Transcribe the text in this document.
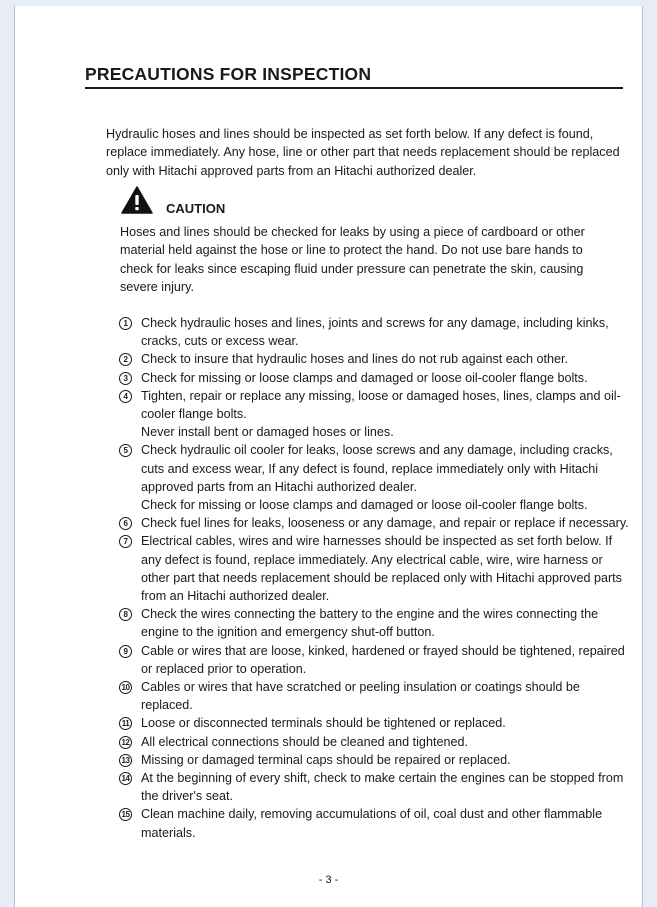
PRECAUTIONS FOR INSPECTION

Hydraulic hoses and lines should be inspected as set forth below. If any defect is found, replace immediately. Any hose, line or other part that needs replacement should be replaced only with Hitachi approved parts from an Hitachi authorized dealer.

CAUTION

Hoses and lines should be checked for leaks by using a piece of cardboard or other material held against the hose or line to protect the hand. Do not use bare hands to check for leaks since escaping fluid under pressure can penetrate the skin, causing severe injury.

1	Check hydraulic hoses and lines, joints and screws for any damage, including kinks, cracks, cuts or excess wear.
2	Check to insure that hydraulic hoses and lines do not rub against each other.
3	Check for missing or loose clamps and damaged or loose oil-cooler flange bolts.
4	Tighten, repair or replace any missing, loose or damaged hoses, lines, clamps and oil-cooler flange bolts.
Never install bent or damaged hoses or lines.
5	Check hydraulic oil cooler for leaks, loose screws and any damage, including cracks, cuts and excess wear, If any defect is found, replace immediately only with Hitachi approved parts from an Hitachi authorized dealer.
Check for missing or loose clamps and damaged or loose oil-cooler flange bolts.
6	Check fuel lines for leaks, looseness or any damage, and repair or replace if necessary.
7	Electrical cables, wires and wire harnesses should be inspected as set forth below. If any defect is found, replace immediately. Any electrical cable, wire, wire harness or other part that needs replacement should be replaced only with Hitachi approved parts from an Hitachi authorized dealer.
8	Check the wires connecting the battery to the engine and the wires connecting the engine to the ignition and emergency shut-off button.
9	Cable or wires that are loose, kinked, hardened or frayed should be tightened, repaired or replaced prior to operation.
10 Cables or wires that have scratched or peeling insulation or coatings should be replaced.
11 Loose or disconnected terminals should be tightened or replaced.
12 All electrical connections should be cleaned and tightened.
13 Missing or damaged terminal caps should be repaired or replaced.
14 At the beginning of every shift, check to make certain the engines can be stopped from the driver's seat.
15 Clean machine daily, removing accumulations of oil, coal dust and other flammable materials.
- 3 -
